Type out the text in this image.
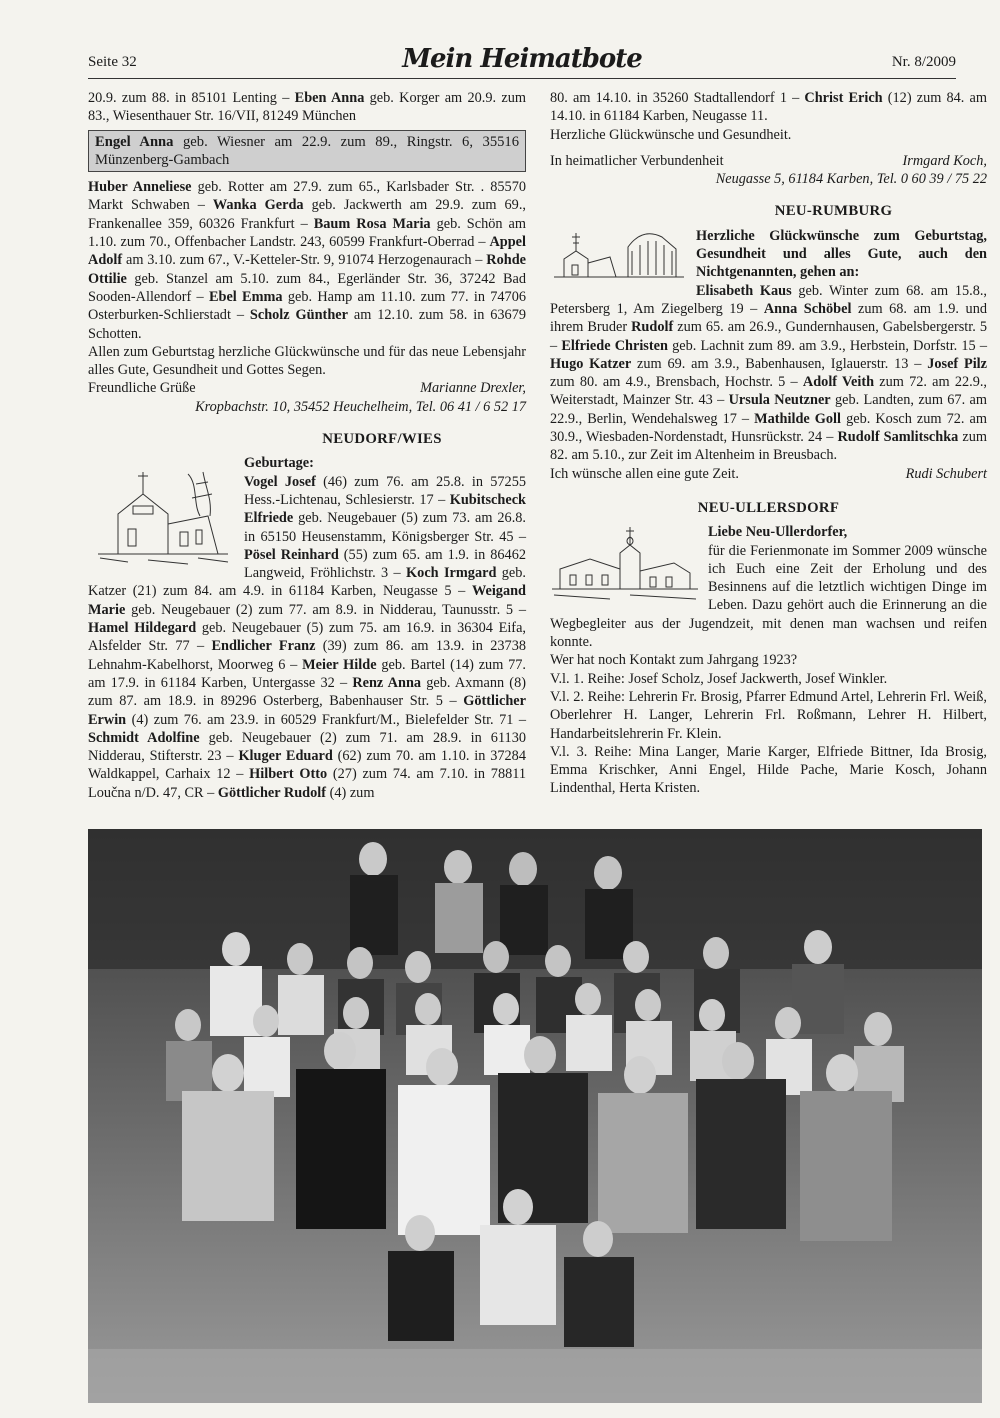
Seite 32	Mein Heimatbote	Nr. 8/2009

20.9. zum 88. in 85101 Lenting – Eben Anna geb. Korger am 20.9. zum 83., Wiesenthauer Str. 16/VII, 81249 München

Engel Anna geb. Wiesner am 22.9. zum 89., Ringstr. 6, 35516 Münzenberg-Gambach

Huber Anneliese geb. Rotter am 27.9. zum 65., Karlsbader Str. . 85570 Markt Schwaben – Wanka Gerda geb. Jackwerth am 29.9. zum 69., Frankenallee 359, 60326 Frankfurt – Baum Rosa Maria geb. Schön am 1.10. zum 70., Offenbacher Landstr. 243, 60599 Frankfurt-Oberrad – Appel Adolf am 3.10. zum 67., V.-Ketteler-Str. 9, 91074 Herzogenaurach – Rohde Ottilie geb. Stanzel am 5.10. zum 84., Egerländer Str. 36, 37242 Bad Sooden-Allendorf – Ebel Emma geb. Hamp am 11.10. zum 77. in 74706 Osterburken-Schlierstadt – Scholz Günther am 12.10. zum 58. in 63679 Schotten.

Allen zum Geburtstag herzliche Glückwünsche und für das neue Lebensjahr alles Gute, Gesundheit und Gottes Segen.

Freundliche Grüße	Marianne Drexler,
Kropbachstr. 10, 35452 Heuchelheim, Tel. 06 41 / 6 52 17
NEUDORF/WIES
Geburtage:
Vogel Josef (46) zum 76. am 25.8. in 57255 Hess.-Lichtenau, Schlesierstr. 17 – Kubitscheck Elfriede geb. Neugebauer (5) zum 73. am 26.8. in 65150 Heusenstamm, Königsberger Str. 45 – Pösel Reinhard (55) zum 65. am 1.9. in 86462 Langweid, Fröhlichstr. 3 – Koch Irmgard geb. Katzer (21) zum 84. am 4.9. in 61184 Karben, Neugasse 5 – Weigand Marie geb. Neugebauer (2) zum 77. am 8.9. in Nidderau, Taunusstr. 5 – Hamel Hildegard geb. Neugebauer (5) zum 75. am 16.9. in 36304 Eifa, Alsfelder Str. 77 – Endlicher Franz (39) zum 86. am 13.9. in 23738 Lehnahm-Kabelhorst, Moorweg 6 – Meier Hilde geb. Bartel (14) zum 77. am 17.9. in 61184 Karben, Untergasse 32 – Renz Anna geb. Axmann (8) zum 87. am 18.9. in 89296 Osterberg, Babenhauser Str. 5 – Göttlicher Erwin (4) zum 76. am 23.9. in 60529 Frankfurt/M., Bielefelder Str. 71 – Schmidt Adolfine geb. Neugebauer (2) zum 71. am 28.9. in 61130 Nidderau, Stifterstr. 23 – Kluger Eduard (62) zum 70. am 1.10. in 37284 Waldkappel, Carhaix 12 – Hilbert Otto (27) zum 74. am 7.10. in 78811 Loučna n/D. 47, CR – Göttlicher Rudolf (4) zum

80. am 14.10. in 35260 Stadtallendorf 1 – Christ Erich (12) zum 84. am 14.10. in 61184 Karben, Neugasse 11.
Herzliche Glückwünsche und Gesundheit.

In heimatlicher Verbundenheit	Irmgard Koch,
Neugasse 5, 61184 Karben, Tel. 0 60 39 / 75 22
NEU-RUMBURG
Herzliche Glückwünsche zum Geburtstag, Gesundheit und alles Gute, auch den Nichtgenannten, gehen an:
Elisabeth Kaus geb. Winter zum 68. am 15.8., Petersberg 1, Am Ziegelberg 19 – Anna Schöbel zum 68. am 1.9. und ihrem Bruder Rudolf zum 65. am 26.9., Gundernhausen, Gabelsbergerstr. 5 – Elfriede Christen geb. Lachnit zum 89. am 3.9., Herbstein, Dorfstr. 15 – Hugo Katzer zum 69. am 3.9., Babenhausen, Iglauerstr. 13 – Josef Pilz zum 80. am 4.9., Brensbach, Hochstr. 5 – Adolf Veith zum 72. am 22.9., Weiterstadt, Mainzer Str. 43 – Ursula Neutzner geb. Landten, zum 67. am 22.9., Berlin, Wendehalsweg 17 – Mathilde Goll geb. Kosch zum 72. am 30.9., Wiesbaden-Nordenstadt, Hunsrückstr. 24 – Rudolf Samlitschka zum 82. am 5.10., zur Zeit im Altenheim in Breusbach.
Ich wünsche allen eine gute Zeit.	Rudi Schubert
NEU-ULLERSDORF
Liebe Neu-Ullerdorfer,
für die Ferienmonate im Sommer 2009 wünsche ich Euch eine Zeit der Erholung und des Besinnens auf die letztlich wichtigen Dinge im Leben. Dazu gehört auch die Erinnerung an die Wegbegleiter aus der Jugendzeit, mit denen man wachsen und reifen konnte.

Wer hat noch Kontakt zum Jahrgang 1923?

V.l. 1. Reihe: Josef Scholz, Josef Jackwerth, Josef Winkler.

V.l. 2. Reihe: Lehrerin Fr. Brosig, Pfarrer Edmund Artel, Lehrerin Frl. Weiß, Oberlehrer H. Langer, Lehrerin Frl. Roßmann, Lehrer H. Hilbert, Handarbeitslehrerin Fr. Klein.

V.l. 3. Reihe: Mina Langer, Marie Karger, Elfriede Bittner, Ida Brosig, Emma Krischker, Anni Engel, Hilde Pache, Marie Kosch, Johann Lindenthal, Herta Kristen.
